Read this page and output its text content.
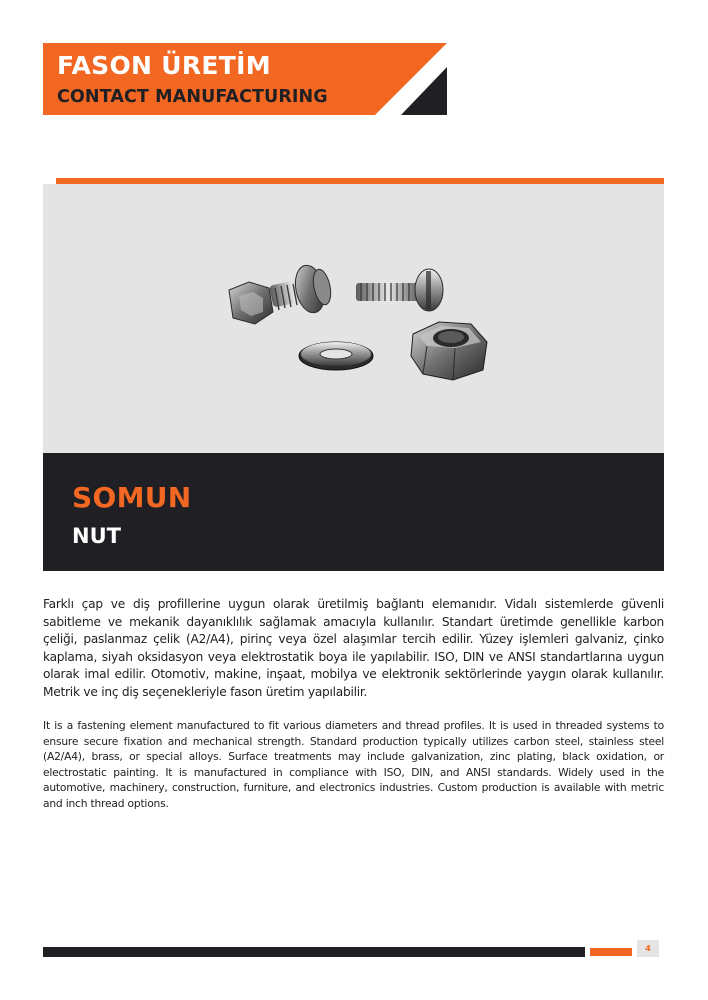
FASON ÜRETİM
CONTACT MANUFACTURING
SOMUN
NUT

Farklı çap ve diş profillerine uygun olarak üretilmiş bağlantı elemanıdır. Vidalı sistemlerde güvenli sabitleme ve mekanik dayanıklılık sağlamak amacıyla kullanılır. Standart üretimde genellikle karbon çeliği, paslanmaz çelik (A2/A4), pirinç veya özel alaşımlar tercih edilir. Yüzey işlemleri galvaniz, çinko kaplama, siyah oksidasyon veya elektrostatik boya ile yapılabilir. ISO, DIN ve ANSI standartlarına uygun olarak imal edilir. Otomotiv, makine, inşaat, mobilya ve elektronik sektörlerinde yaygın olarak kullanılır. Metrik ve inç diş seçenekleriyle fason üretim yapılabilir.

It is a fastening element manufactured to fit various diameters and thread profiles. It is used in threaded systems to ensure secure fixation and mechanical strength. Standard production typically utilizes carbon steel, stainless steel (A2/A4), brass, or special alloys. Surface treatments may include galvanization, zinc plating, black oxidation, or electrostatic painting. It is manufactured in compliance with ISO, DIN, and ANSI standards. Widely used in the automotive, machinery, construction, furniture, and electronics industries. Custom production is available with metric and inch thread options.

4
